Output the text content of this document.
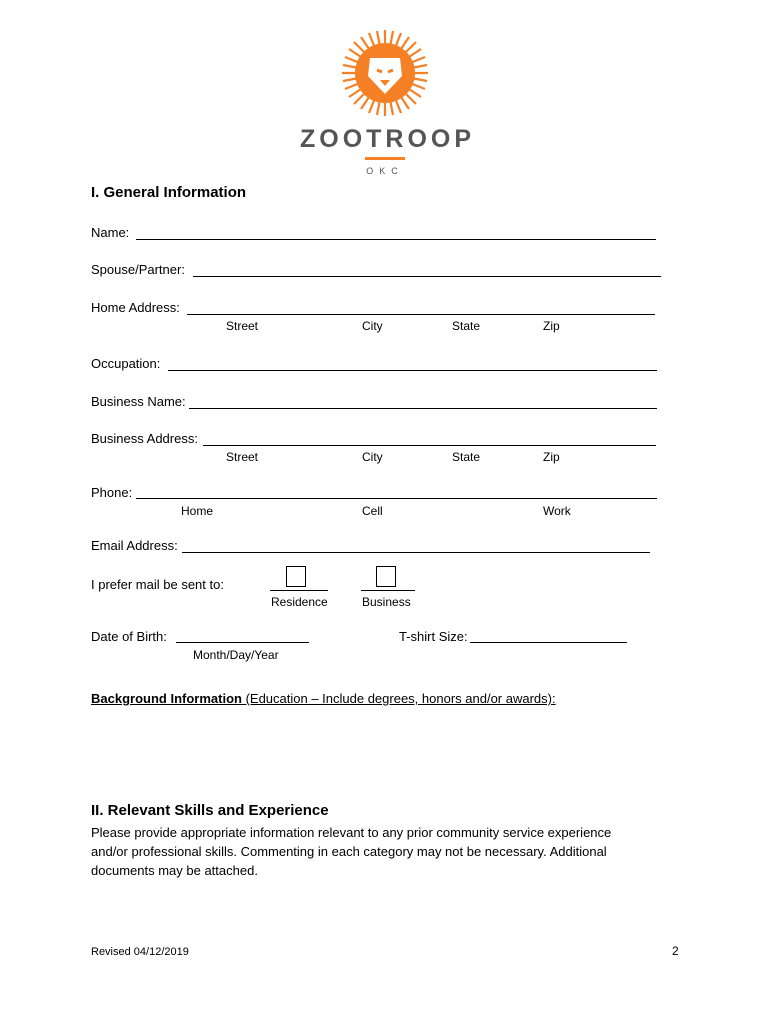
ZOOTROOP
OKC
I. General Information
Name:
Spouse/Partner:
Home Address:
Street	City	State	Zip
Occupation:
Business Name:
Business Address:
Street	City	State	Zip
Phone:
Home	Cell	Work
Email Address:
I prefer mail be sent to:
Residence	Business
Date of Birth:
Month/Day/Year
T-shirt Size:
Background Information (Education – Include degrees, honors and/or awards):
II. Relevant Skills and Experience
Please provide appropriate information relevant to any prior community service experience and/or professional skills. Commenting in each category may not be necessary. Additional documents may be attached.
Revised 04/12/2019	2
